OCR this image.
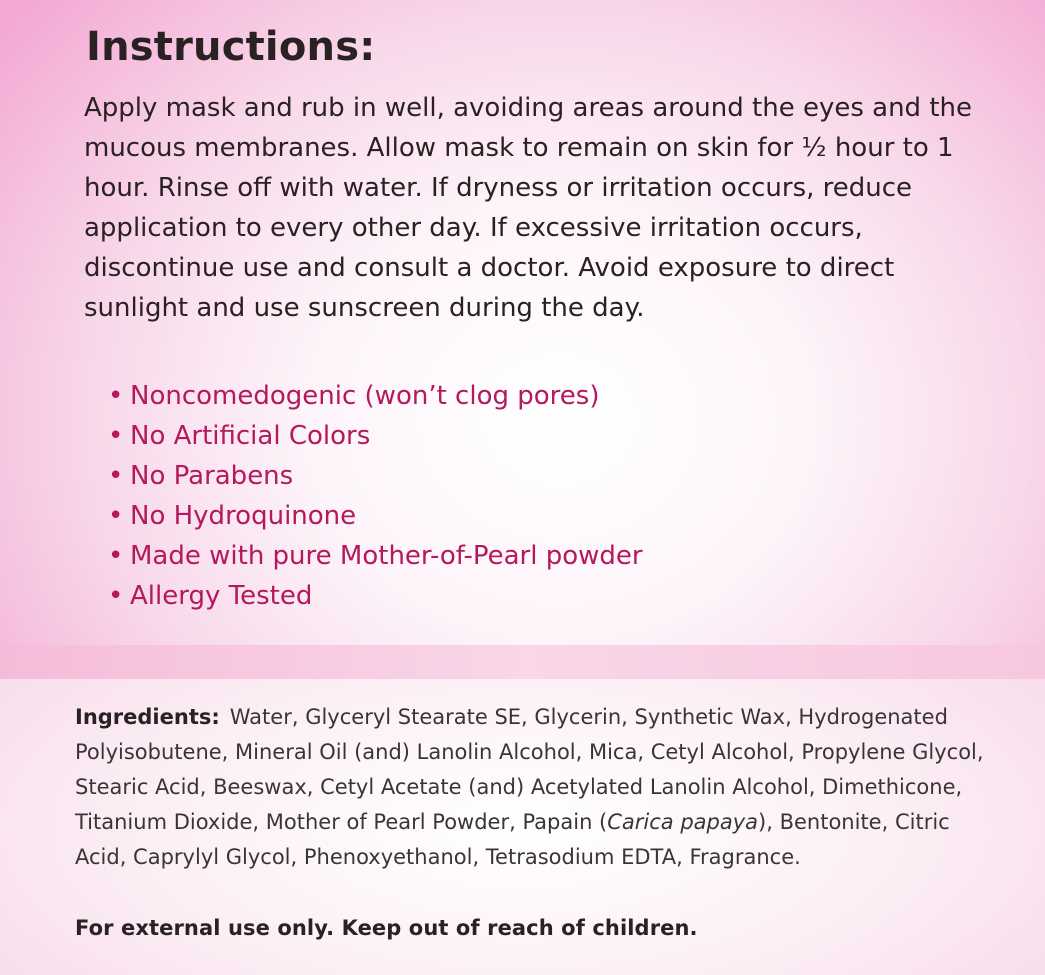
Instructions:

Apply mask and rub in well, avoiding areas around the eyes and the mucous membranes. Allow mask to remain on skin for ½ hour to 1 hour. Rinse off with water. If dryness or irritation occurs, reduce application to every other day. If excessive irritation occurs, discontinue use and consult a doctor. Avoid exposure to direct sunlight and use sunscreen during the day.

• Noncomedogenic (won’t clog pores)
• No Artificial Colors
• No Parabens
• No Hydroquinone
• Made with pure Mother-of-Pearl powder
• Allergy Tested

Ingredients: Water, Glyceryl Stearate SE, Glycerin, Synthetic Wax, Hydrogenated Polyisobutene, Mineral Oil (and) Lanolin Alcohol, Mica, Cetyl Alcohol, Propylene Glycol, Stearic Acid, Beeswax, Cetyl Acetate (and) Acetylated Lanolin Alcohol, Dimethicone, Titanium Dioxide, Mother of Pearl Powder, Papain (Carica papaya), Bentonite, Citric Acid, Caprylyl Glycol, Phenoxyethanol, Tetrasodium EDTA, Fragrance.

For external use only. Keep out of reach of children.
